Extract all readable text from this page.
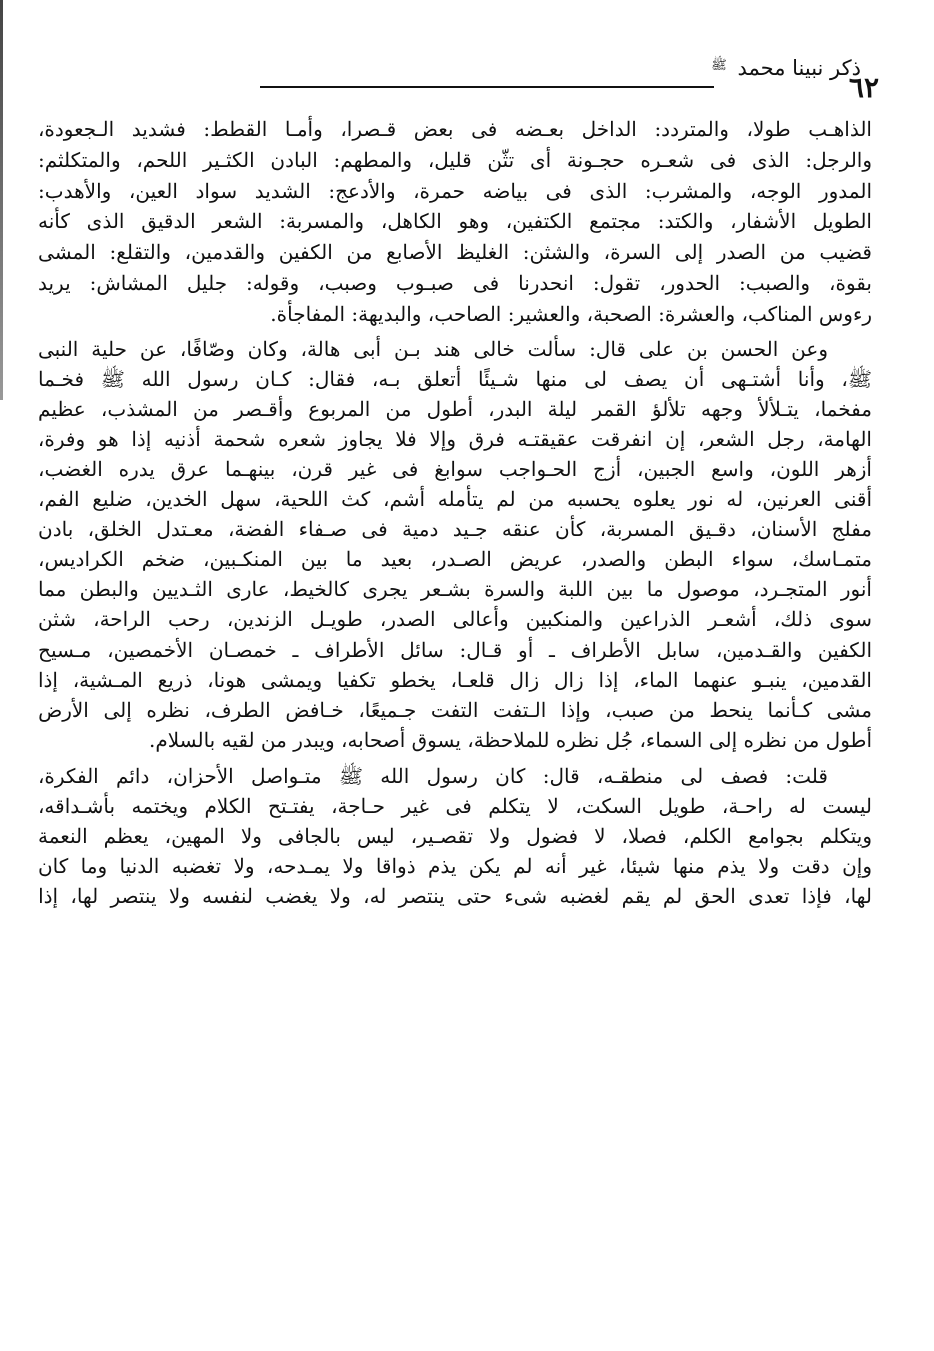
٦٢
ذكر نبينا محمد ﷺ

الذاهـب طولا، والمتردد: الداخل بعـضه فى بعض قـصرا، وأمـا القطط: فشديد الـجعودة،

والرجل: الذى فى شعـره حجـونة أى تثّن قليل، والمطهم: البادن الكثـير اللحم، والمتكلثم:

المدور الوجه، والمشرب: الذى فى بياضه حمرة، والأدعج: الشديد سواد العين، والأهدب:

الطويل الأشفار، والكتد: مجتمع الكتفين، وهو الكاهل، والمسربة: الشعر الدقيق الذى كأنه

قضيب من الصدر إلى السرة، والشثن: الغليظ الأصابع من الكفين والقدمين، والتقلع: المشى

بقوة، والصبب: الحدور، تقول: انحدرنا فى صبـوب وصبب، وقوله: جليل المشاش: يريد

رءوس المناكب، والعشرة: الصحبة، والعشير: الصاحب، والبديهة: المفاجأة.

وعن الحسن بن على قال: سألت خالى هند بـن أبى هالة، وكان وصّافًا، عن حلية النبى

ﷺ، وأنا أشتـهى أن يصف لى منها شـيئًا أتعلق بـه، فقال: كـان رسول الله ﷺ فخـما

مفخما، يتـلألأ وجهه تلألؤ القمر ليلة البدر، أطول من المربوع وأقـصر من المشذب، عظيم

الهامة، رجل الشعر، إن انفرقت عقيقتـه فرق وإلا فلا يجاوز شعره شحمة أذنيه إذا هو وفرة،

أزهر اللون، واسع الجبين، أزج الحـواجب سوابغ فى غير قرن، بينهـما عرق يدره الغضب،

أقنى العرنين، له نور يعلوه يحسبه من لم يتأمله أشم، كث اللحية، سهل الخدين، ضليع الفم،

مفلج الأسنان، دقـيق المسربة، كأن عنقه جـيد دمية فى صـفاء الفضة، معـتدل الخلق، بادن

متمـاسك، سواء البطن والصدر، عريض الصـدر، بعيد ما بين المنكـبين، ضخم الكراديس،

أنور المتجـرد، موصول ما بين اللبة والسرة بشـعر يجرى كالخيط، عارى الثـديين والبطن مما

سوى ذلك، أشعـر الذراعين والمنكبين وأعالى الصدر، طويـل الزندين، رحب الراحة، شثن

الكفين والقـدمين، سابل الأطراف ـ أو قـال: سائل الأطراف ـ خمصـان الأخمصين، مـسيح

القدمين، ينبـو عنهما الماء، إذا زال زال قلعـا، يخطو تكفيا ويمشى هونا، ذريع المـشية، إذا

مشى كـأنما ينحط من صبب، وإذا الـتفت التفت جـميعًا، خـافض الطرف، نظره إلى الأرض

أطول من نظره إلى السماء، جُل نظره للملاحظة، يسوق أصحابه، ويبدر من لقيه بالسلام.

قلت: فصف لى منطقـه، قال: كان رسول الله ﷺ متـواصل الأحزان، دائم الفكرة،

ليست له راحـة، طويل السكت، لا يتكلم فى غير حـاجة، يفتـتح الكلام ويختمه بأشـداقه،

ويتكلم بجوامع الكلم، فصلا، لا فضول ولا تقصـير، ليس بالجافى ولا المهين، يعظم النعمة

وإن دقت ولا يذم منها شيئا، غير أنه لم يكن يذم ذواقا ولا يمـدحه، ولا تغضبه الدنيا وما كان

لها، فإذا تعدى الحق لم يقم لغضبه شىء حتى ينتصر له، ولا يغضب لنفسه ولا ينتصر لها، إذا
